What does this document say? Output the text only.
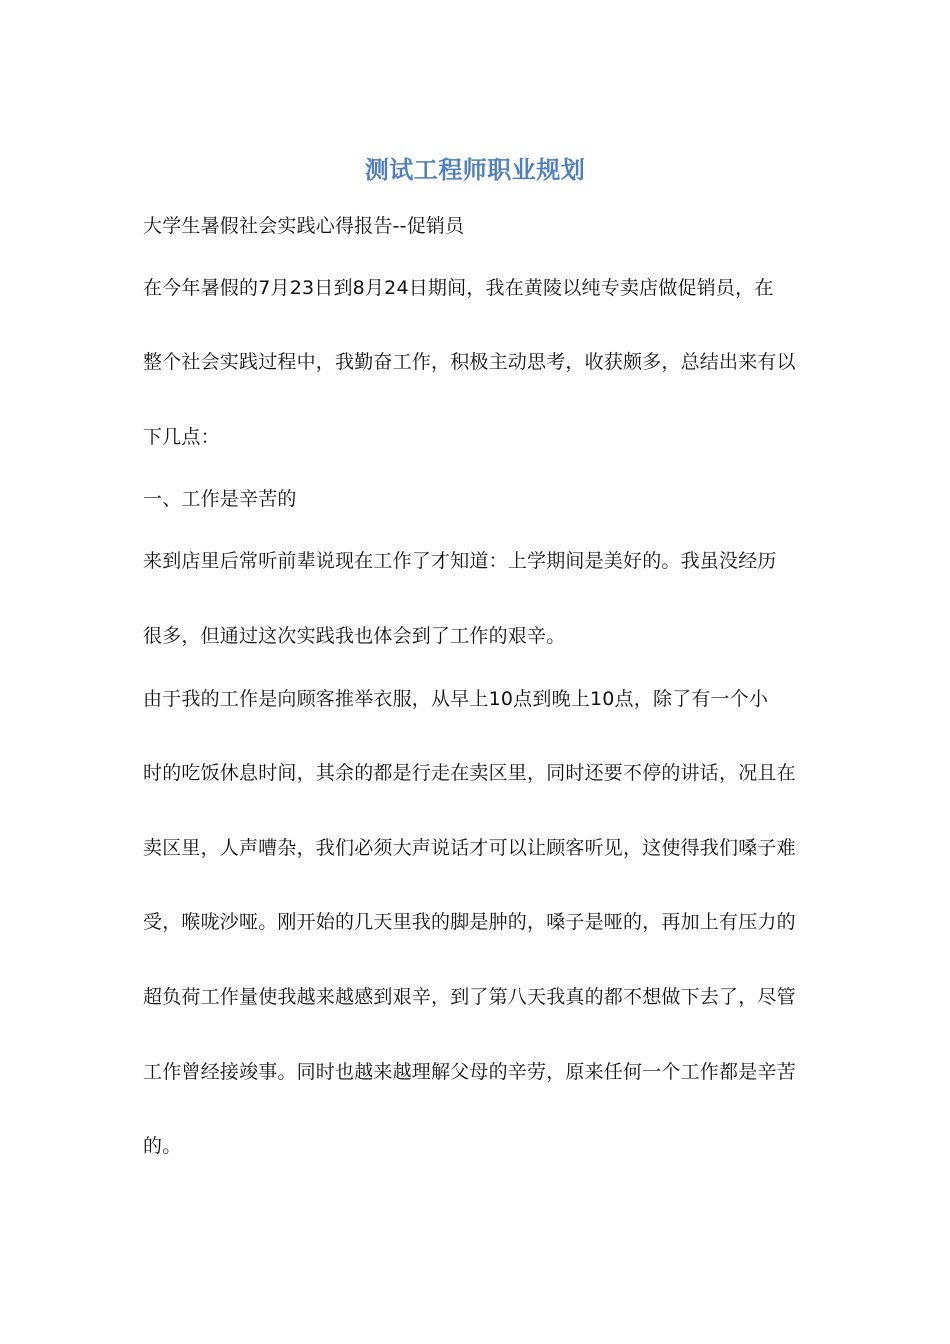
测试工程师职业规划
大学生暑假社会实践心得报告--促销员
在今年暑假的7月23日到8月24日期间，我在黄陵以纯专卖店做促销员，在
整个社会实践过程中，我勤奋工作，积极主动思考，收获颇多，总结出来有以
下几点：
一、工作是辛苦的
来到店里后常听前辈说现在工作了才知道：上学期间是美好的。我虽没经历
很多，但通过这次实践我也体会到了工作的艰辛。
由于我的工作是向顾客推举衣服，从早上10点到晚上10点，除了有一个小
时的吃饭休息时间，其余的都是行走在卖区里，同时还要不停的讲话，况且在
卖区里，人声嘈杂，我们必须大声说话才可以让顾客听见，这使得我们嗓子难
受，喉咙沙哑。刚开始的几天里我的脚是肿的，嗓子是哑的，再加上有压力的
超负荷工作量使我越来越感到艰辛，到了第八天我真的都不想做下去了，尽管
工作曾经接竣事。同时也越来越理解父母的辛劳，原来任何一个工作都是辛苦
的。
